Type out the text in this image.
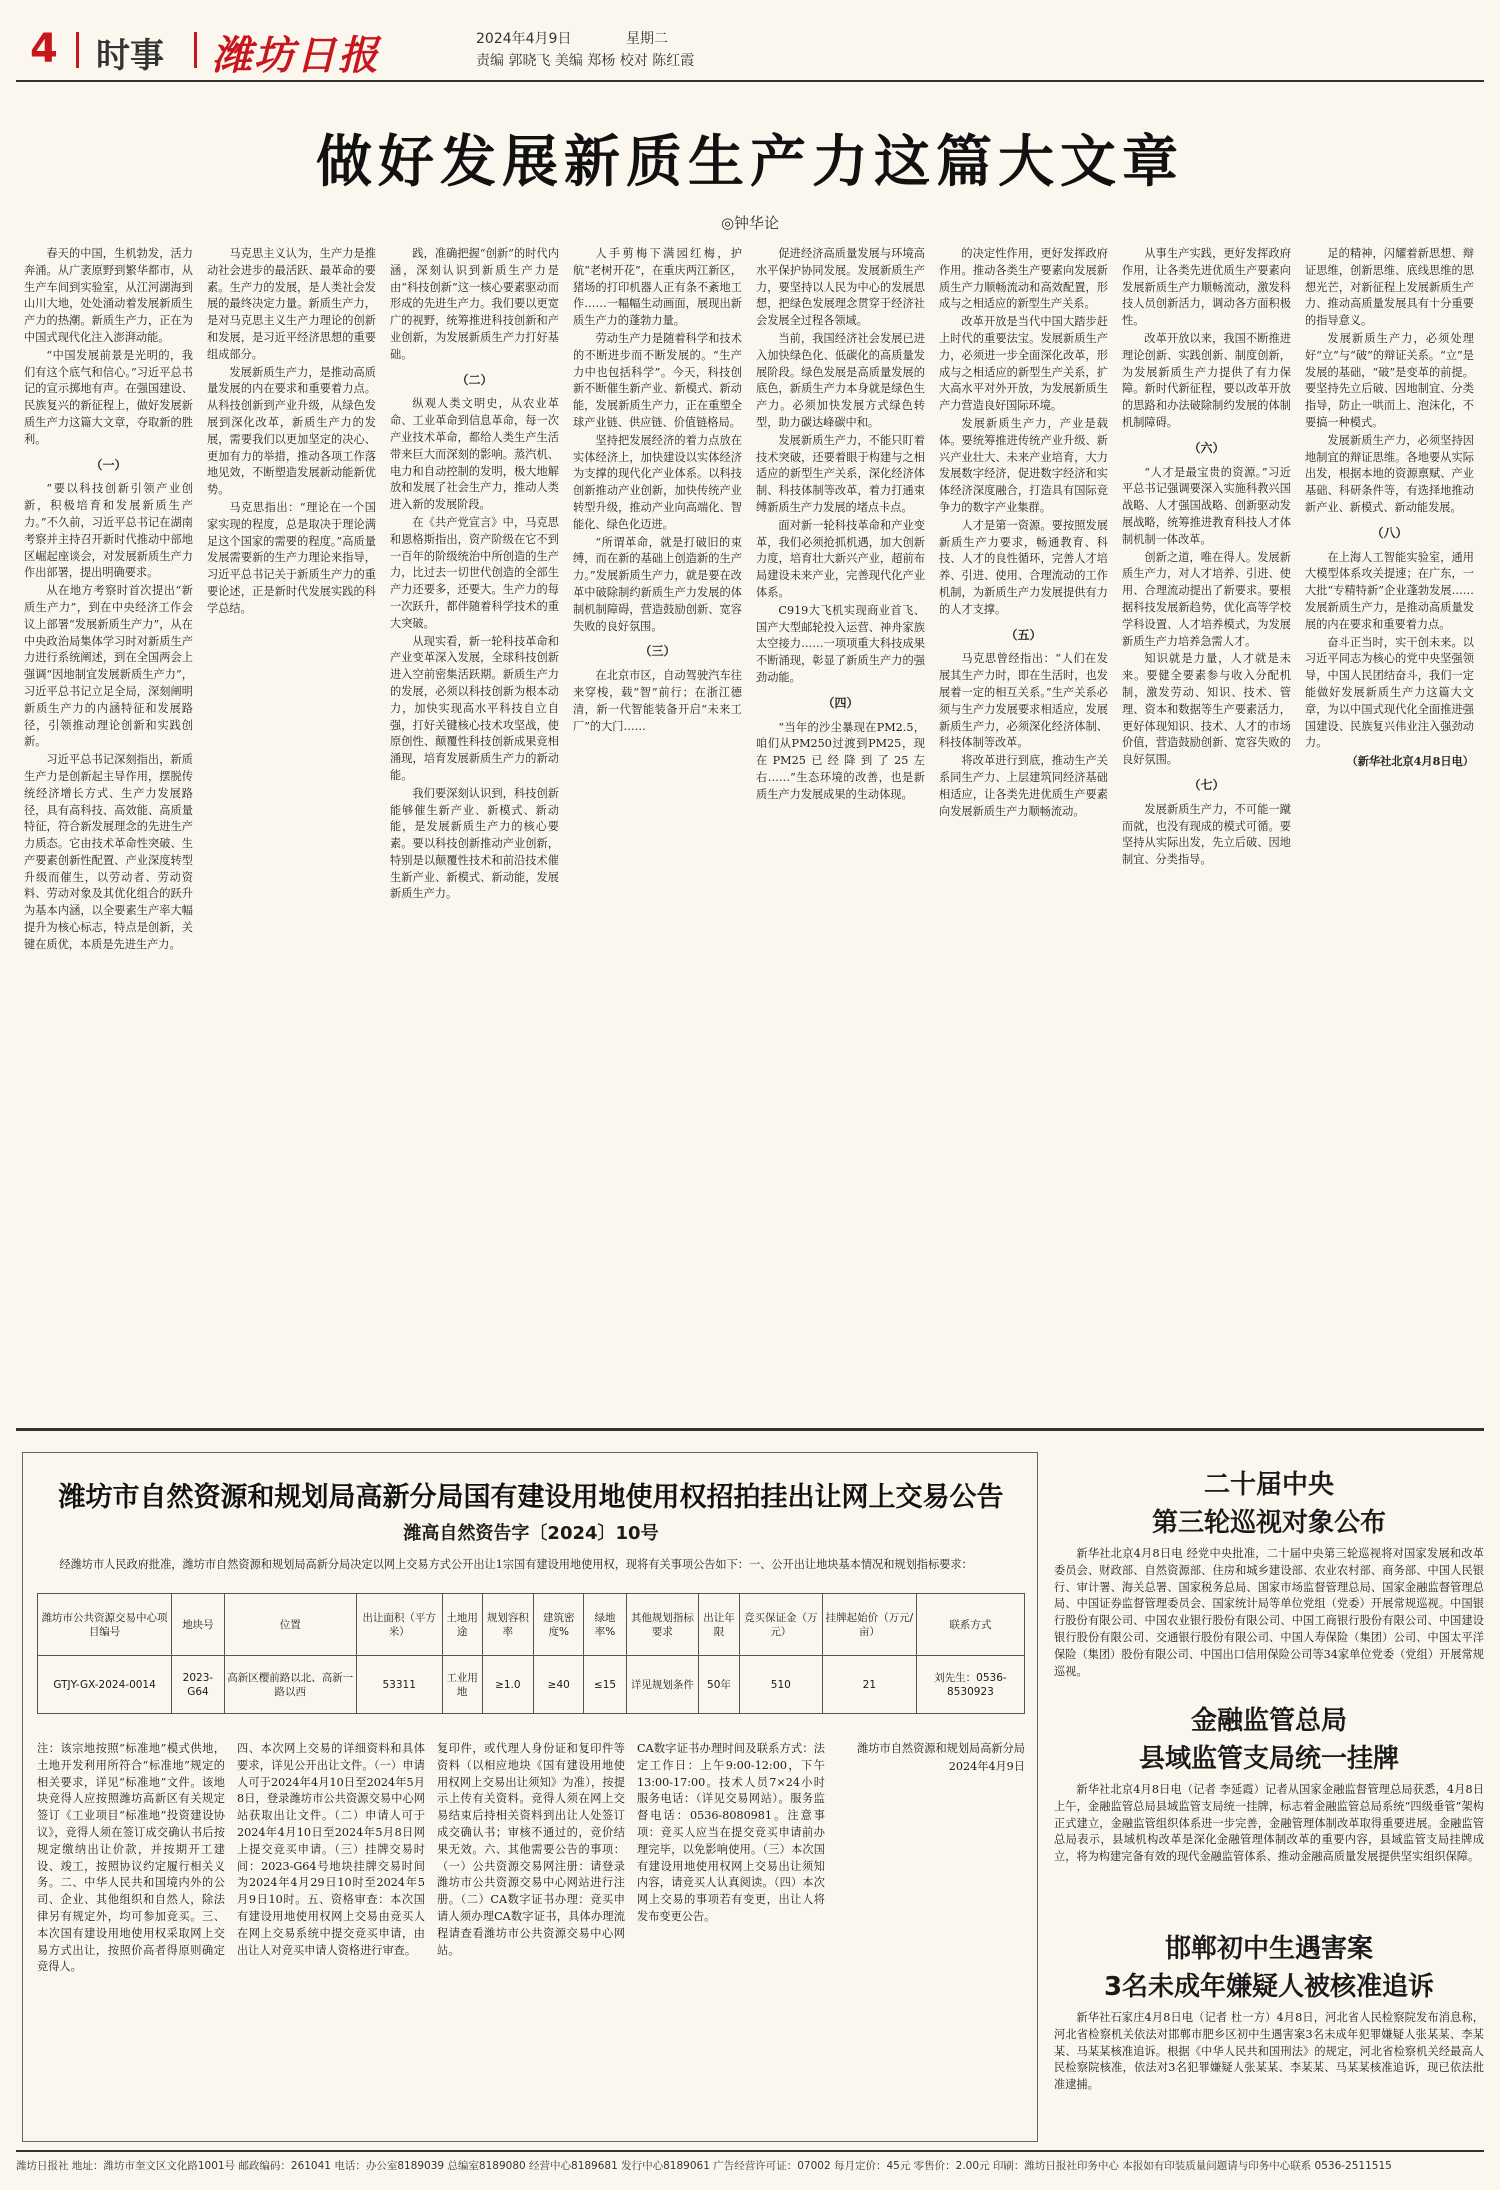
4 时事 潍坊日报	2024年4月9日	星期二
责编 郭晓飞 美编 郑杨 校对 陈红霞
做好发展新质生产力这篇大文章
◎钟华论

春天的中国，生机勃发，活力奔涌。从广袤原野到繁华都市，从生产车间到实验室，从江河湖海到山川大地，处处涌动着发展新质生产力的热潮。新质生产力，正在为中国式现代化注入澎湃动能。

“中国发展前景是光明的，我们有这个底气和信心。”习近平总书记的宣示掷地有声。在强国建设、民族复兴的新征程上，做好发展新质生产力这篇大文章，夺取新的胜利。

（一）

“要以科技创新引领产业创新，积极培育和发展新质生产力。”不久前，习近平总书记在湖南考察并主持召开新时代推动中部地区崛起座谈会，对发展新质生产力作出部署，提出明确要求。

从在地方考察时首次提出“新质生产力”，到在中央经济工作会议上部署“发展新质生产力”，从在中央政治局集体学习时对新质生产力进行系统阐述，到在全国两会上强调“因地制宜发展新质生产力”，习近平总书记立足全局，深刻阐明新质生产力的内涵特征和发展路径，引领推动理论创新和实践创新。

习近平总书记深刻指出，新质生产力是创新起主导作用，摆脱传统经济增长方式、生产力发展路径，具有高科技、高效能、高质量特征，符合新发展理念的先进生产力质态。它由技术革命性突破、生产要素创新性配置、产业深度转型升级而催生，以劳动者、劳动资料、劳动对象及其优化组合的跃升为基本内涵，以全要素生产率大幅提升为核心标志，特点是创新，关键在质优，本质是先进生产力。

马克思主义认为，生产力是推动社会进步的最活跃、最革命的要素。生产力的发展，是人类社会发展的最终决定力量。新质生产力，是对马克思主义生产力理论的创新和发展，是习近平经济思想的重要组成部分。

发展新质生产力，是推动高质量发展的内在要求和重要着力点。从科技创新到产业升级，从绿色发展到深化改革，新质生产力的发展，需要我们以更加坚定的决心、更加有力的举措，推动各项工作落地见效，不断塑造发展新动能新优势。

马克思指出：“理论在一个国家实现的程度，总是取决于理论满足这个国家的需要的程度。”高质量发展需要新的生产力理论来指导，习近平总书记关于新质生产力的重要论述，正是新时代发展实践的科学总结。

践，准确把握“创新”的时代内涵，深刻认识到新质生产力是由“科技创新”这一核心要素驱动而形成的先进生产力。我们要以更宽广的视野，统筹推进科技创新和产业创新，为发展新质生产力打好基础。

（二）

纵观人类文明史，从农业革命、工业革命到信息革命，每一次产业技术革命，都给人类生产生活带来巨大而深刻的影响。蒸汽机、电力和自动控制的发明，极大地解放和发展了社会生产力，推动人类进入新的发展阶段。

在《共产党宣言》中，马克思和恩格斯指出，资产阶级在它不到一百年的阶级统治中所创造的生产力，比过去一切世代创造的全部生产力还要多，还要大。生产力的每一次跃升，都伴随着科学技术的重大突破。

从现实看，新一轮科技革命和产业变革深入发展，全球科技创新进入空前密集活跃期。新质生产力的发展，必须以科技创新为根本动力，加快实现高水平科技自立自强，打好关键核心技术攻坚战，使原创性、颠覆性科技创新成果竞相涌现，培育发展新质生产力的新动能。

我们要深刻认识到，科技创新能够催生新产业、新模式、新动能，是发展新质生产力的核心要素。要以科技创新推动产业创新，特别是以颠覆性技术和前沿技术催生新产业、新模式、新动能，发展新质生产力。

人手剪梅下满园红梅，护航“老树开花”，在重庆两江新区，猪场的打印机器人正有条不紊地工作……一幅幅生动画面，展现出新质生产力的蓬勃力量。

劳动生产力是随着科学和技术的不断进步而不断发展的。“生产力中也包括科学”。今天，科技创新不断催生新产业、新模式、新动能，发展新质生产力，正在重塑全球产业链、供应链、价值链格局。

坚持把发展经济的着力点放在实体经济上，加快建设以实体经济为支撑的现代化产业体系。以科技创新推动产业创新，加快传统产业转型升级，推动产业向高端化、智能化、绿色化迈进。

“所谓革命，就是打破旧的束缚，而在新的基础上创造新的生产力。”发展新质生产力，就是要在改革中破除制约新质生产力发展的体制机制障碍，营造鼓励创新、宽容失败的良好氛围。

（三）

在北京市区，自动驾驶汽车往来穿梭，载“智”前行；在浙江德清，新一代智能装备开启“未来工厂”的大门……

促进经济高质量发展与环境高水平保护协同发展。发展新质生产力，要坚持以人民为中心的发展思想，把绿色发展理念贯穿于经济社会发展全过程各领域。

当前，我国经济社会发展已进入加快绿色化、低碳化的高质量发展阶段。绿色发展是高质量发展的底色，新质生产力本身就是绿色生产力。必须加快发展方式绿色转型，助力碳达峰碳中和。

发展新质生产力，不能只盯着技术突破，还要着眼于构建与之相适应的新型生产关系，深化经济体制、科技体制等改革，着力打通束缚新质生产力发展的堵点卡点。

面对新一轮科技革命和产业变革，我们必须抢抓机遇，加大创新力度，培育壮大新兴产业，超前布局建设未来产业，完善现代化产业体系。

C919大飞机实现商业首飞、国产大型邮轮投入运营、神舟家族太空接力……一项项重大科技成果不断涌现，彰显了新质生产力的强劲动能。

（四）

“当年的沙尘暴现在PM2.5，咱们从PM250过渡到PM25，现在PM25已经降到了25左右……”生态环境的改善，也是新质生产力发展成果的生动体现。

的决定性作用，更好发挥政府作用。推动各类生产要素向发展新质生产力顺畅流动和高效配置，形成与之相适应的新型生产关系。

改革开放是当代中国大踏步赶上时代的重要法宝。发展新质生产力，必须进一步全面深化改革，形成与之相适应的新型生产关系，扩大高水平对外开放，为发展新质生产力营造良好国际环境。

发展新质生产力，产业是载体。要统筹推进传统产业升级、新兴产业壮大、未来产业培育，大力发展数字经济，促进数字经济和实体经济深度融合，打造具有国际竞争力的数字产业集群。

人才是第一资源。要按照发展新质生产力要求，畅通教育、科技、人才的良性循环，完善人才培养、引进、使用、合理流动的工作机制，为新质生产力发展提供有力的人才支撑。

（五）

马克思曾经指出：“人们在发展其生产力时，即在生活时，也发展着一定的相互关系。”生产关系必须与生产力发展要求相适应，发展新质生产力，必须深化经济体制、科技体制等改革。

将改革进行到底，推动生产关系同生产力、上层建筑同经济基础相适应，让各类先进优质生产要素向发展新质生产力顺畅流动。

从事生产实践，更好发挥政府作用，让各类先进优质生产要素向发展新质生产力顺畅流动，激发科技人员创新活力，调动各方面积极性。

改革开放以来，我国不断推进理论创新、实践创新、制度创新，为发展新质生产力提供了有力保障。新时代新征程，要以改革开放的思路和办法破除制约发展的体制机制障碍。

（六）

“人才是最宝贵的资源。”习近平总书记强调要深入实施科教兴国战略、人才强国战略、创新驱动发展战略，统筹推进教育科技人才体制机制一体改革。

创新之道，唯在得人。发展新质生产力，对人才培养、引进、使用、合理流动提出了新要求。要根据科技发展新趋势，优化高等学校学科设置、人才培养模式，为发展新质生产力培养急需人才。

知识就是力量，人才就是未来。要健全要素参与收入分配机制，激发劳动、知识、技术、管理、资本和数据等生产要素活力，更好体现知识、技术、人才的市场价值，营造鼓励创新、宽容失败的良好氛围。

（七）

发展新质生产力，不可能一蹴而就，也没有现成的模式可循。要坚持从实际出发，先立后破、因地制宜、分类指导。

足的精神，闪耀着新思想、辩证思维，创新思维、底线思维的思想光芒，对新征程上发展新质生产力、推动高质量发展具有十分重要的指导意义。

发展新质生产力，必须处理好“立”与“破”的辩证关系。“立”是发展的基础，“破”是变革的前提。要坚持先立后破、因地制宜、分类指导，防止一哄而上、泡沫化，不要搞一种模式。

发展新质生产力，必须坚持因地制宜的辩证思维。各地要从实际出发，根据本地的资源禀赋、产业基础、科研条件等，有选择地推动新产业、新模式、新动能发展。

（八）

在上海人工智能实验室，通用大模型体系攻关提速；在广东，一大批“专精特新”企业蓬勃发展……发展新质生产力，是推动高质量发展的内在要求和重要着力点。

奋斗正当时，实干创未来。以习近平同志为核心的党中央坚强领导，中国人民团结奋斗，我们一定能做好发展新质生产力这篇大文章，为以中国式现代化全面推进强国建设、民族复兴伟业注入强劲动力。

（新华社北京4月8日电）

潍坊市自然资源和规划局高新分局国有建设用地使用权招拍挂出让网上交易公告
潍高自然资告字〔2024〕10号
经潍坊市人民政府批准，潍坊市自然资源和规划局高新分局决定以网上交易方式公开出让1宗国有建设用地使用权，现将有关事项公告如下：一、公开出让地块基本情况和规划指标要求：
潍坊市公共资源交易中心项目编号	地块号	位置	出让面积（平方米）	土地用途	规划容积率	建筑密度%	绿地率%	其他规划指标要求	出让年限	竞买保证金（万元）	挂牌起始价（万元/亩）	联系方式
GTJY-GX-2024-0014	2023-G64	高新区樱前路以北、高新一路以西	53311	工业用地	≥1.0	≥40	≤15	详见规划条件	50年	510	21	刘先生：0536-8530923

注：该宗地按照“标准地”模式供地，土地开发利用所符合“标准地”规定的相关要求，详见“标准地”文件。该地块竞得人应按照潍坊高新区有关规定签订《工业项目“标准地”投资建设协议》，竞得人须在签订成交确认书后按规定缴纳出让价款，并按期开工建设、竣工，按照协议约定履行相关义务。二、中华人民共和国境内外的公司、企业、其他组织和自然人，除法律另有规定外，均可参加竞买。三、本次国有建设用地使用权采取网上交易方式出让，按照价高者得原则确定竞得人。

四、本次网上交易的详细资料和具体要求，详见公开出让文件。（一）申请人可于2024年4月10日至2024年5月8日，登录潍坊市公共资源交易中心网站获取出让文件。（二）申请人可于2024年4月10日至2024年5月8日网上提交竞买申请。（三）挂牌交易时间：2023-G64号地块挂牌交易时间为2024年4月29日10时至2024年5月9日10时。五、资格审查：本次国有建设用地使用权网上交易由竞买人在网上交易系统中提交竞买申请，由出让人对竞买申请人资格进行审查。

复印件，或代理人身份证和复印件等资料（以相应地块《国有建设用地使用权网上交易出让须知》为准），按提示上传有关资料。竞得人须在网上交易结束后持相关资料到出让人处签订成交确认书；审核不通过的，竞价结果无效。六、其他需要公告的事项：（一）公共资源交易网注册：请登录潍坊市公共资源交易中心网站进行注册。（二）CA数字证书办理：竞买申请人须办理CA数字证书，具体办理流程请查看潍坊市公共资源交易中心网站。

CA数字证书办理时间及联系方式：法定工作日：上午9:00-12:00，下午13:00-17:00。技术人员7×24小时服务电话：（详见交易网站）。服务监督电话：0536-8080981。注意事项：竞买人应当在提交竞买申请前办理完毕，以免影响使用。（三）本次国有建设用地使用权网上交易出让须知内容，请竞买人认真阅读。（四）本次网上交易的事项若有变更，出让人将发布变更公告。

潍坊市自然资源和规划局高新分局

2024年4月9日

二十届中央
第三轮巡视对象公布
新华社北京4月8日电 经党中央批准，二十届中央第三轮巡视将对国家发展和改革委员会、财政部、自然资源部、住房和城乡建设部、农业农村部、商务部、中国人民银行、审计署、海关总署、国家税务总局、国家市场监督管理总局、国家金融监督管理总局、中国证券监督管理委员会、国家统计局等单位党组（党委）开展常规巡视。中国银行股份有限公司、中国农业银行股份有限公司、中国工商银行股份有限公司、中国建设银行股份有限公司、交通银行股份有限公司、中国人寿保险（集团）公司、中国太平洋保险（集团）股份有限公司、中国出口信用保险公司等34家单位党委（党组）开展常规巡视。
金融监管总局
县域监管支局统一挂牌
新华社北京4月8日电（记者 李延霞）记者从国家金融监督管理总局获悉，4月8日上午，金融监管总局县域监管支局统一挂牌，标志着金融监管总局系统“四级垂管”架构正式建立，金融监管组织体系进一步完善，金融管理体制改革取得重要进展。金融监管总局表示，县域机构改革是深化金融管理体制改革的重要内容，县域监管支局挂牌成立，将为构建完备有效的现代金融监管体系、推动金融高质量发展提供坚实组织保障。
邯郸初中生遇害案
3名未成年嫌疑人被核准追诉
新华社石家庄4月8日电（记者 杜一方）4月8日，河北省人民检察院发布消息称，河北省检察机关依法对邯郸市肥乡区初中生遇害案3名未成年犯罪嫌疑人张某某、李某某、马某某核准追诉。根据《中华人民共和国刑法》的规定，河北省检察机关经最高人民检察院核准，依法对3名犯罪嫌疑人张某某、李某某、马某某核准追诉，现已依法批准逮捕。
潍坊日报社 地址：潍坊市奎文区文化路1001号 邮政编码：261041 电话：办公室8189039 总编室8189080 经营中心8189681 发行中心8189061 广告经营许可证：07002 每月定价：45元 零售价：2.00元 印刷：潍坊日报社印务中心 本报如有印装质量问题请与印务中心联系 0536-2511515
